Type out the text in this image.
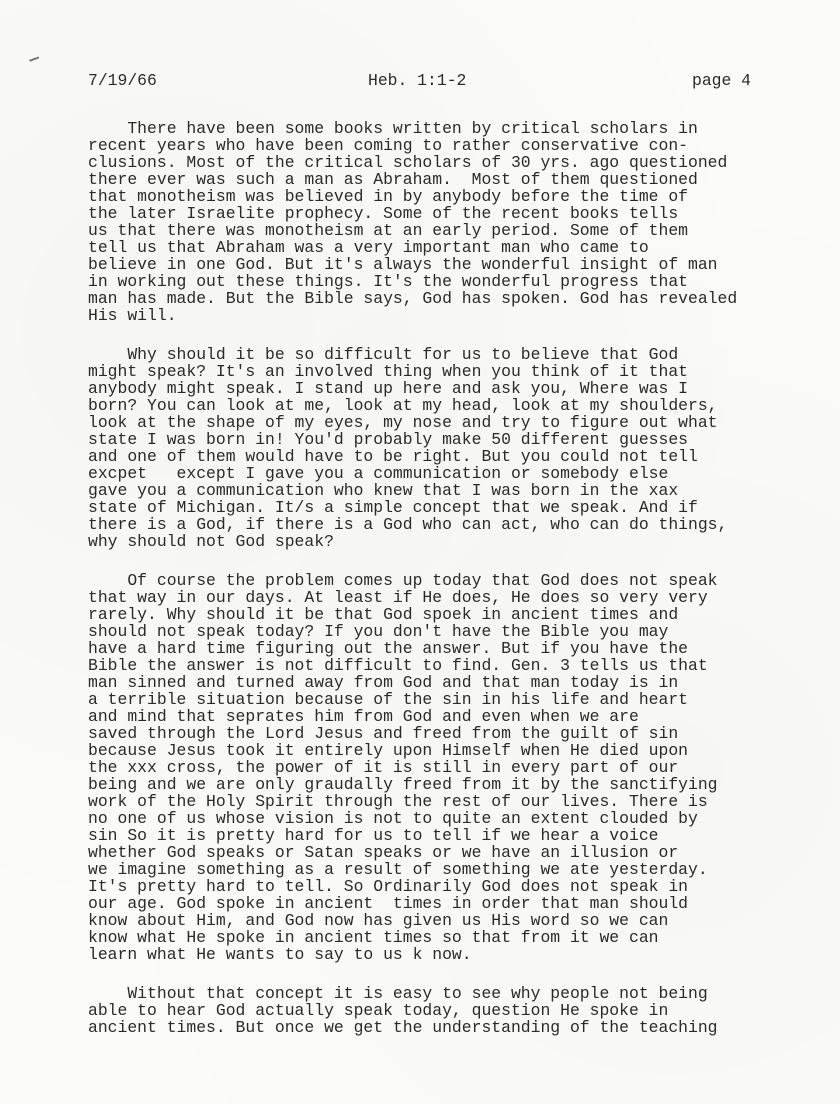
7/19/66	Heb. 1:1-2	page 4
There have been some books written by critical scholars in
recent years who have been coming to rather conservative con-
clusions. Most of the critical scholars of 30 yrs. ago questioned
there ever was such a man as Abraham.  Most of them questioned
that monotheism was believed in by anybody before the time of
the later Israelite prophecy. Some of the recent books tells
us that there was monotheism at an early period. Some of them
tell us that Abraham was a very important man who came to
believe in one God. But it's always the wonderful insight of man
in working out these things. It's the wonderful progress that
man has made. But the Bible says, God has spoken. God has revealed
His will.
Why should it be so difficult for us to believe that God
might speak? It's an involved thing when you think of it that
anybody might speak. I stand up here and ask you, Where was I
born? You can look at me, look at my head, look at my shoulders,
look at the shape of my eyes, my nose and try to figure out what
state I was born in! You'd probably make 50 different guesses
and one of them would have to be right. But you could not tell
excpet   except I gave you a communication or somebody else
gave you a communication who knew that I was born in the xax
state of Michigan. It/s a simple concept that we speak. And if
there is a God, if there is a God who can act, who can do things,
why should not God speak?
Of course the problem comes up today that God does not speak
that way in our days. At least if He does, He does so very very
rarely. Why should it be that God spoek in ancient times and
should not speak today? If you don't have the Bible you may
have a hard time figuring out the answer. But if you have the
Bible the answer is not difficult to find. Gen. 3 tells us that
man sinned and turned away from God and that man today is in
a terrible situation because of the sin in his life and heart
and mind that seprates him from God and even when we are
saved through the Lord Jesus and freed from the guilt of sin
because Jesus took it entirely upon Himself when He died upon
the xxx cross, the power of it is still in every part of our
being and we are only graudally freed from it by the sanctifying
work of the Holy Spirit through the rest of our lives. There is
no one of us whose vision is not to quite an extent clouded by
sin So it is pretty hard for us to tell if we hear a voice
whether God speaks or Satan speaks or we have an illusion or
we imagine something as a result of something we ate yesterday.
It's pretty hard to tell. So Ordinarily God does not speak in
our age. God spoke in ancient  times in order that man should
know about Him, and God now has given us His word so we can
know what He spoke in ancient times so that from it we can
learn what He wants to say to us k now.
Without that concept it is easy to see why people not being
able to hear God actually speak today, question He spoke in
ancient times. But once we get the understanding of the teaching
